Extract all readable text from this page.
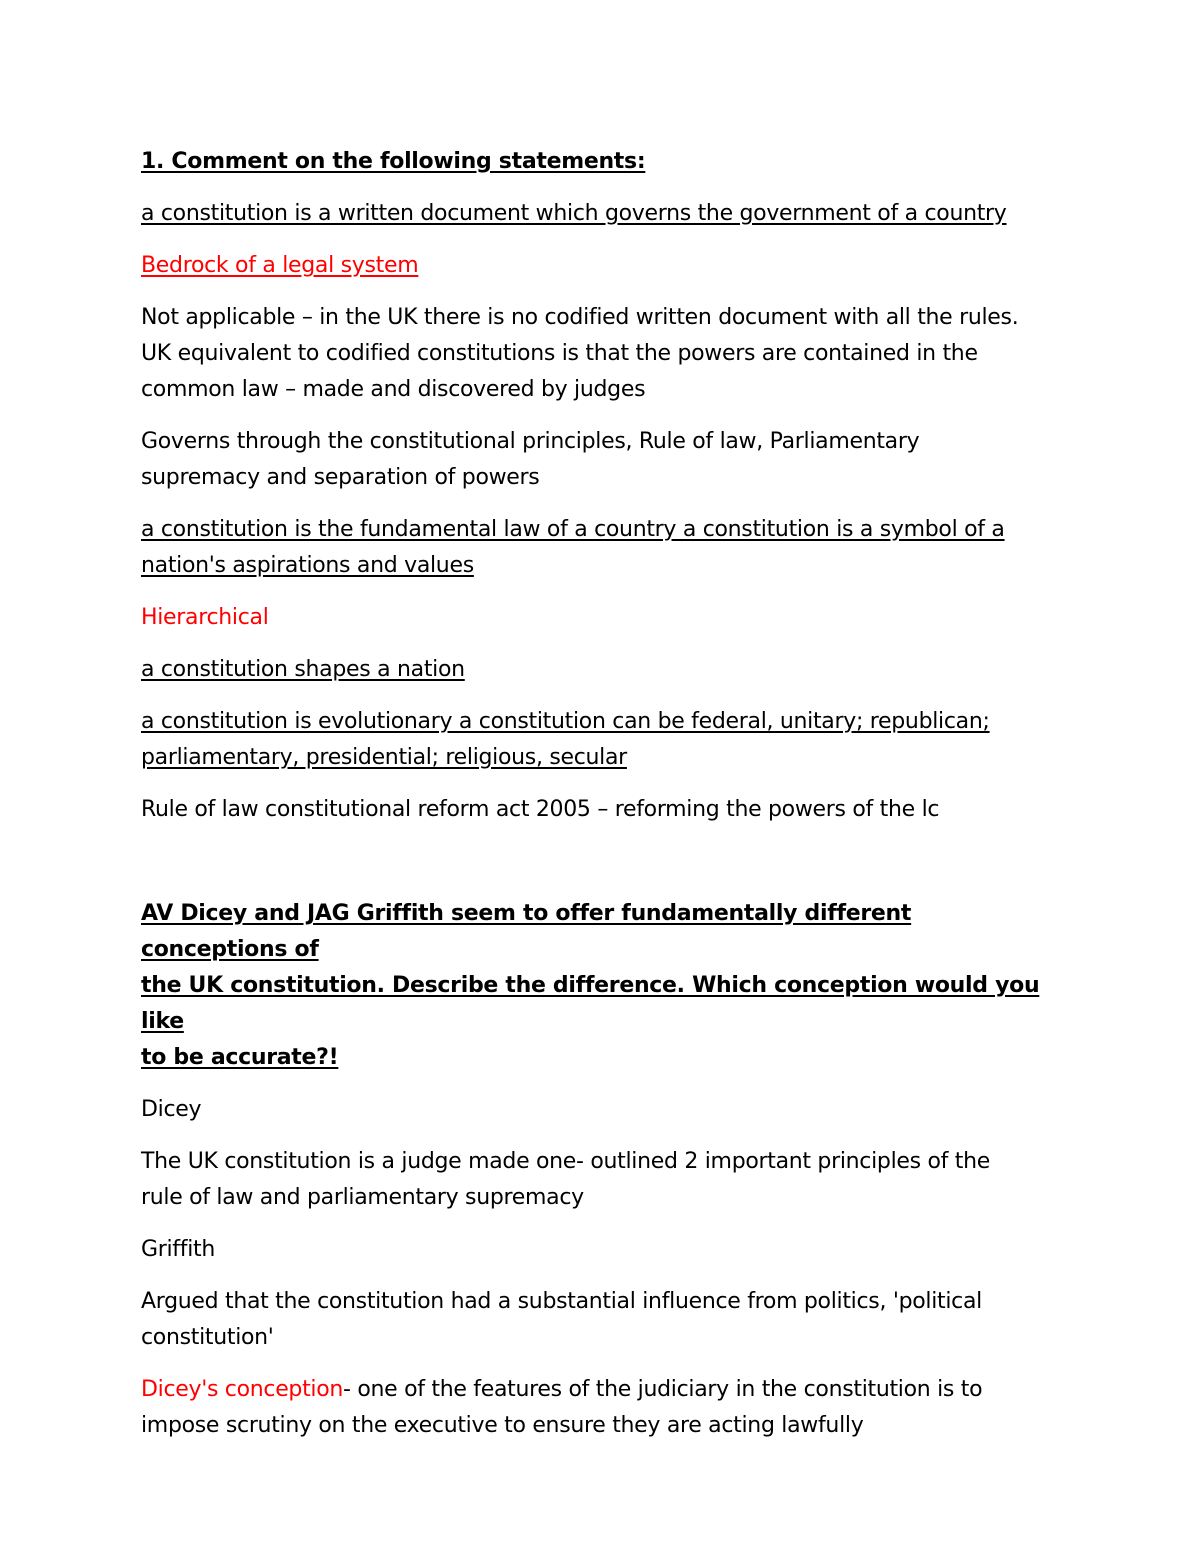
1. Comment on the following statements:
a constitution is a written document which governs the government of a country
Bedrock of a legal system
Not applicable – in the UK there is no codified written document with all the rules.
UK equivalent to codified constitutions is that the powers are contained in the
common law – made and discovered by judges
Governs through the constitutional principles, Rule of law, Parliamentary
supremacy and separation of powers
a constitution is the fundamental law of a country a constitution is a symbol of a
nation's aspirations and values
Hierarchical
a constitution shapes a nation
a constitution is evolutionary a constitution can be federal, unitary; republican;
parliamentary, presidential; religious, secular
Rule of law constitutional reform act 2005 – reforming the powers of the lc
AV Dicey and JAG Griffith seem to offer fundamentally different conceptions of
the UK constitution. Describe the difference. Which conception would you like
to be accurate?!
Dicey
The UK constitution is a judge made one- outlined 2 important principles of the
rule of law and parliamentary supremacy
Griffith
Argued that the constitution had a substantial influence from politics, 'political
constitution'
Dicey's conception- one of the features of the judiciary in the constitution is to
impose scrutiny on the executive to ensure they are acting lawfully
